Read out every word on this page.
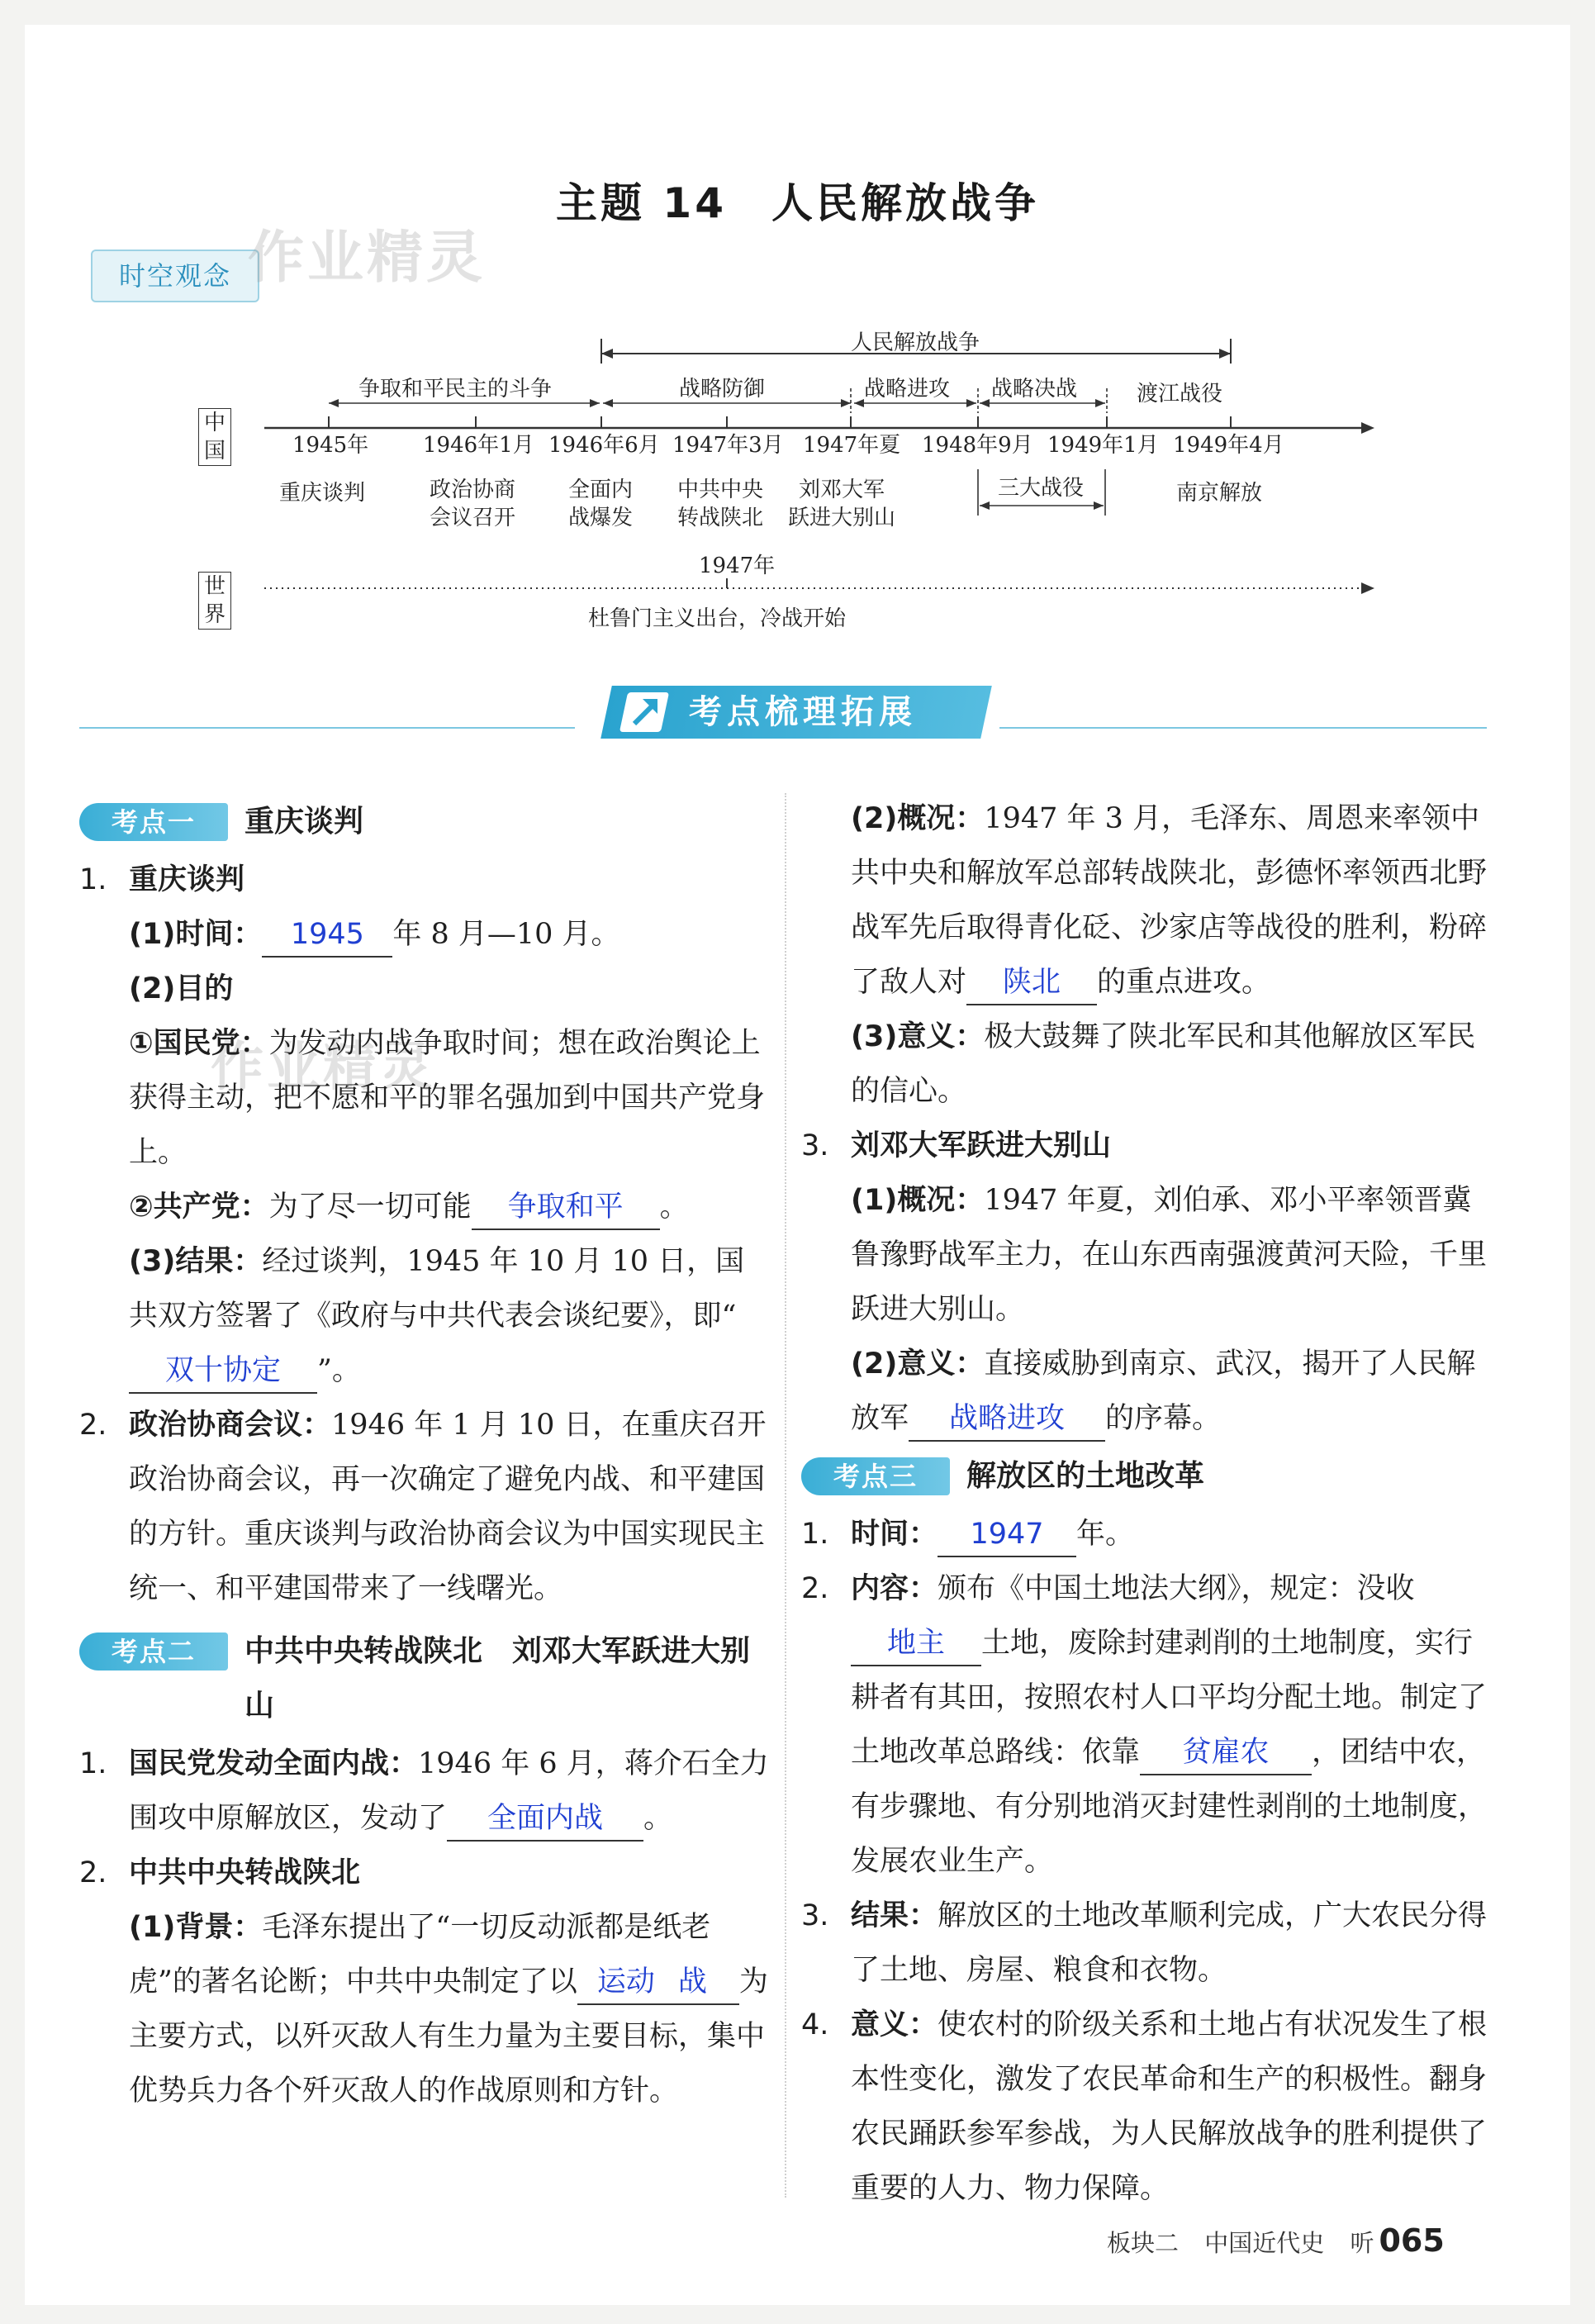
主题 14　人民解放战争
时空观念 作业精灵
作业精灵
中国
世界
人民解放战争
争取和平民主的斗争	战略防御	战略进攻 战略决战	渡江战役
1945年	1946年1月 1946年6月 1947年3月 1947年夏 1948年9月 1949年1月 1949年4月
重庆谈判	政治协商
会议召开
全面内
战爆发
中共中央
转战陕北
刘邓大军
跃进大别山
三大战役	南京解放
1947年
杜鲁门主义出台，冷战开始
考点梳理拓展
考点一	重庆谈判
1. 重庆谈判
(1)时间： 1945 年 8 月—10 月。
(2)目的
①国民党：为发动内战争取时间；想在政治舆论上获得主动，把不愿和平的罪名强加到中国共产党身上。
②共产党：为了尽一切可能 争取和平 。
(3)结果：经过谈判，1945 年 10 月 10 日，国共双方签署了《政府与中共代表会谈纪要》，即“双十协定 ”。
2. 政治协商会议：1946 年 1 月 10 日，在重庆召开政治协商会议，再一次确定了避免内战、和平建国的方针。重庆谈判与政治协商会议为中国实现民主统一、和平建国带来了一线曙光。
考点二	中共中央转战陕北　刘邓大军跃进大别山
1. 国民党发动全面内战：1946 年 6 月，蒋介石全力围攻中原解放区，发动了 全面内战 。
2. 中共中央转战陕北
(1)背景：毛泽东提出了“一切反动派都是纸老虎”的著名论断；中共中央制定了以 运动 战 为主要方式，以歼灭敌人有生力量为主要目标，集中优势兵力各个歼灭敌人的作战原则和方针。
(2)概况：1947 年 3 月，毛泽东、周恩来率领中共中央和解放军总部转战陕北，彭德怀率领西北野战军先后取得青化砭、沙家店等战役的胜利，粉碎了敌人对 陕北 的重点进攻。
(3)意义：极大鼓舞了陕北军民和其他解放区军民的信心。
3. 刘邓大军跃进大别山
(1)概况：1947 年夏，刘伯承、邓小平率领晋冀鲁豫野战军主力，在山东西南强渡黄河天险，千里跃进大别山。
(2)意义：直接威胁到南京、武汉，揭开了人民解放军 战略进攻 的序幕。
考点三	解放区的土地改革
1. 时间： 1947 年。
2. 内容：颁布《中国土地法大纲》，规定：没收地主 土地，废除封建剥削的土地制度，实行耕者有其田，按照农村人口平均分配土地。制定了土地改革总路线：依靠 贫雇农 ，团结中农，有步骤地、有分别地消灭封建性剥削的土地制度，发展农业生产。
3. 结果：解放区的土地改革顺利完成，广大农民分得了土地、房屋、粮食和衣物。
4. 意义：使农村的阶级关系和土地占有状况发生了根本性变化，激发了农民革命和生产的积极性。翻身农民踊跃参军参战，为人民解放战争的胜利提供了重要的人力、物力保障。
板块二 中国近代史 听 065
